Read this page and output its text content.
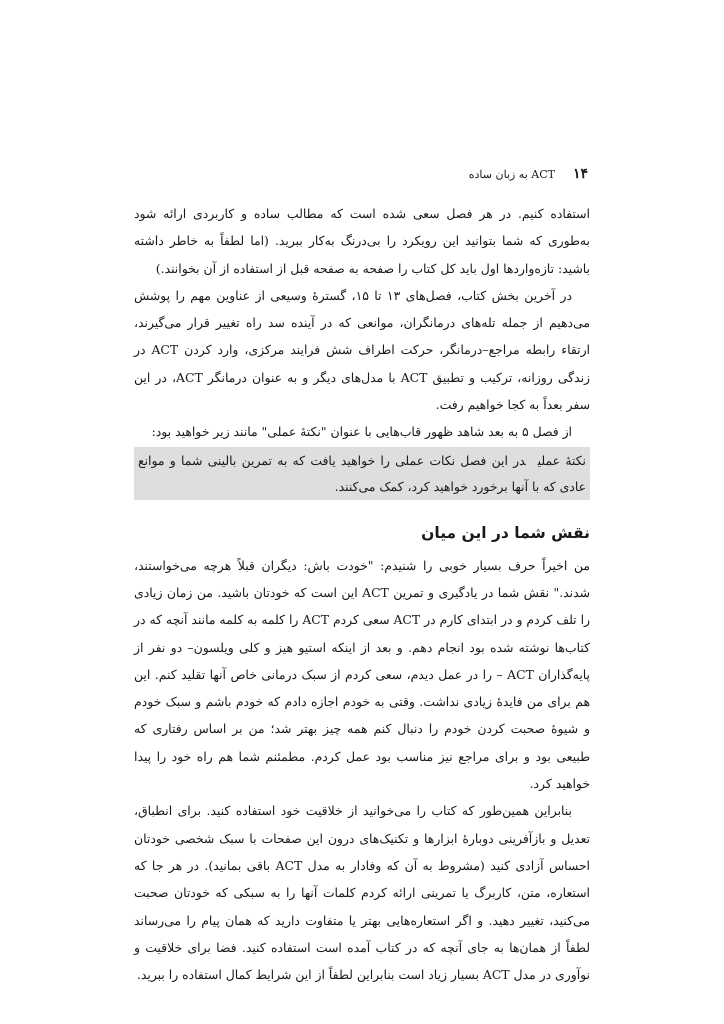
۱۴
ACT به زبان ساده

استفاده کنیم. در هر فصل سعی شده است که مطالب ساده و کاربردی ارائه شود به‌طوری که شما بتوانید این رویکرد را بی‌درنگ به‌کار ببرید. (اما لطفاً به خاطر داشته باشید: تازه‌واردها اول باید کل کتاب را صفحه به صفحه قبل از استفاده از آن بخوانند.)

در آخرین بخش کتاب، فصل‌های ۱۳ تا ۱۵، گسترهٔ وسیعی از عناوین مهم را پوشش می‌دهیم از جمله تله‌های درمانگران، موانعی که در آینده سد راه تغییر قرار می‌گیرند، ارتقاء رابطه مراجع–درمانگر، حرکت اطراف شش فرایند مرکزی، وارد کردن ACT در زندگی روزانه، ترکیب و تطبیق ACT با مدل‌های دیگر و به عنوان درمانگر ACT، در این سفر بعداً به کجا خواهیم رفت.

از فصل ۵ به بعد شاهد ظهور قاب‌هایی با عنوان "نکتهٔ عملی" مانند زیر خواهید بود:

نکتهٔ عملیدر این فصل نکات عملی را خواهید یافت که به تمرین بالینی شما و موانع عادی که با آنها برخورد خواهید کرد، کمک می‌کنند.
نقش شما در این میان

من اخیراً حرف بسیار خوبی را شنیدم: "خودت باش: دیگران قبلاً هرچه می‌خواستند، شدند." نقش شما در یادگیری و تمرین ACT این است که خودتان باشید. من زمان زیادی را تلف کردم و در ابتدای کارم در ACT سعی کردم ACT را کلمه به کلمه مانند آنچه که در کتاب‌ها نوشته شده بود انجام دهم. و بعد از اینکه استیو هیز و کلی ویلسون– دو نفر از پایه‌گذاران ACT – را در عمل دیدم، سعی کردم از سبک درمانی خاص آنها تقلید کنم. این هم برای من فایدهٔ زیادی نداشت. وقتی به خودم اجازه دادم که خودم باشم و سبک خودم و شیوهٔ صحبت کردن خودم را دنبال کنم همه چیز بهتر شد؛ من بر اساس رفتاری که طبیعی بود و برای مراجع نیز مناسب بود عمل کردم. مطمئنم شما هم راه خود را پیدا خواهید کرد.

بنابراین همین‌طور که کتاب را می‌خوانید از خلاقیت خود استفاده کنید. برای انطباق، تعدیل و بازآفرینی دوبارهٔ ابزارها و تکنیک‌های درون این صفحات با سبک شخصی خودتان احساس آزادی کنید (مشروط به آن که وفادار به مدل ACT باقی بمانید). در هر جا که استعاره، متن، کاربرگ یا تمرینی ارائه کردم کلمات آنها را به سبکی که خودتان صحبت می‌کنید، تغییر دهید. و اگر استعاره‌هایی بهتر یا متفاوت دارید که همان پیام را می‌رساند لطفاً از همان‌ها به جای آنچه که در کتاب آمده است استفاده کنید. فضا برای خلاقیت و نوآوری در مدل ACT بسیار زیاد است بنابراین لطفاً از این شرایط کمال استفاده را ببرید.
